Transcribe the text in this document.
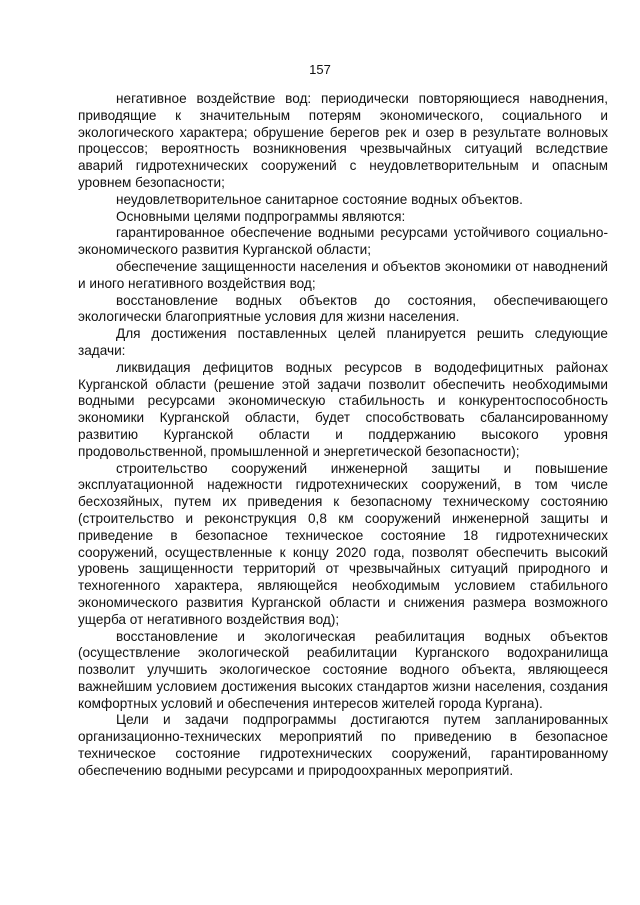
157

негативное воздействие вод: периодически повторяющиеся наводнения, приводящие к значительным потерям экономического, социального и экологического характера; обрушение берегов рек и озер в результате волновых процессов; вероятность возникновения чрезвычайных ситуаций вследствие аварий гидротехнических сооружений с неудовлетворительным и опасным уровнем безопасности;

неудовлетворительное санитарное состояние водных объектов.

Основными целями подпрограммы являются:

гарантированное обеспечение водными ресурсами устойчивого социально-экономического развития Курганской области;

обеспечение защищенности населения и объектов экономики от наводнений и иного негативного воздействия вод;

восстановление водных объектов до состояния, обеспечивающего экологически благоприятные условия для жизни населения.

Для достижения поставленных целей планируется решить следующие задачи:

ликвидация дефицитов водных ресурсов в вододефицитных районах Курганской области (решение этой задачи позволит обеспечить необходимыми водными ресурсами экономическую стабильность и конкурентоспособность экономики Курганской области, будет способствовать сбалансированному развитию Курганской области и поддержанию высокого уровня продовольственной, промышленной и энергетической безопасности);

строительство сооружений инженерной защиты и повышение эксплуатационной надежности гидротехнических сооружений, в том числе бесхозяйных, путем их приведения к безопасному техническому состоянию (строительство и реконструкция 0,8 км сооружений инженерной защиты и приведение в безопасное техническое состояние 18 гидротехнических сооружений, осуществленные к концу 2020 года, позволят обеспечить высокий уровень защищенности территорий от чрезвычайных ситуаций природного и техногенного характера, являющейся необходимым условием стабильного экономического развития Курганской области и снижения размера возможного ущерба от негативного воздействия вод);

восстановление и экологическая реабилитация водных объектов (осуществление экологической реабилитации Курганского водохранилища позволит улучшить экологическое состояние водного объекта, являющееся важнейшим условием достижения высоких стандартов жизни населения, создания комфортных условий и обеспечения интересов жителей города Кургана).

Цели и задачи подпрограммы достигаются путем запланированных организационно-технических мероприятий по приведению в безопасное техническое состояние гидротехнических сооружений, гарантированному обеспечению водными ресурсами и природоохранных мероприятий.
